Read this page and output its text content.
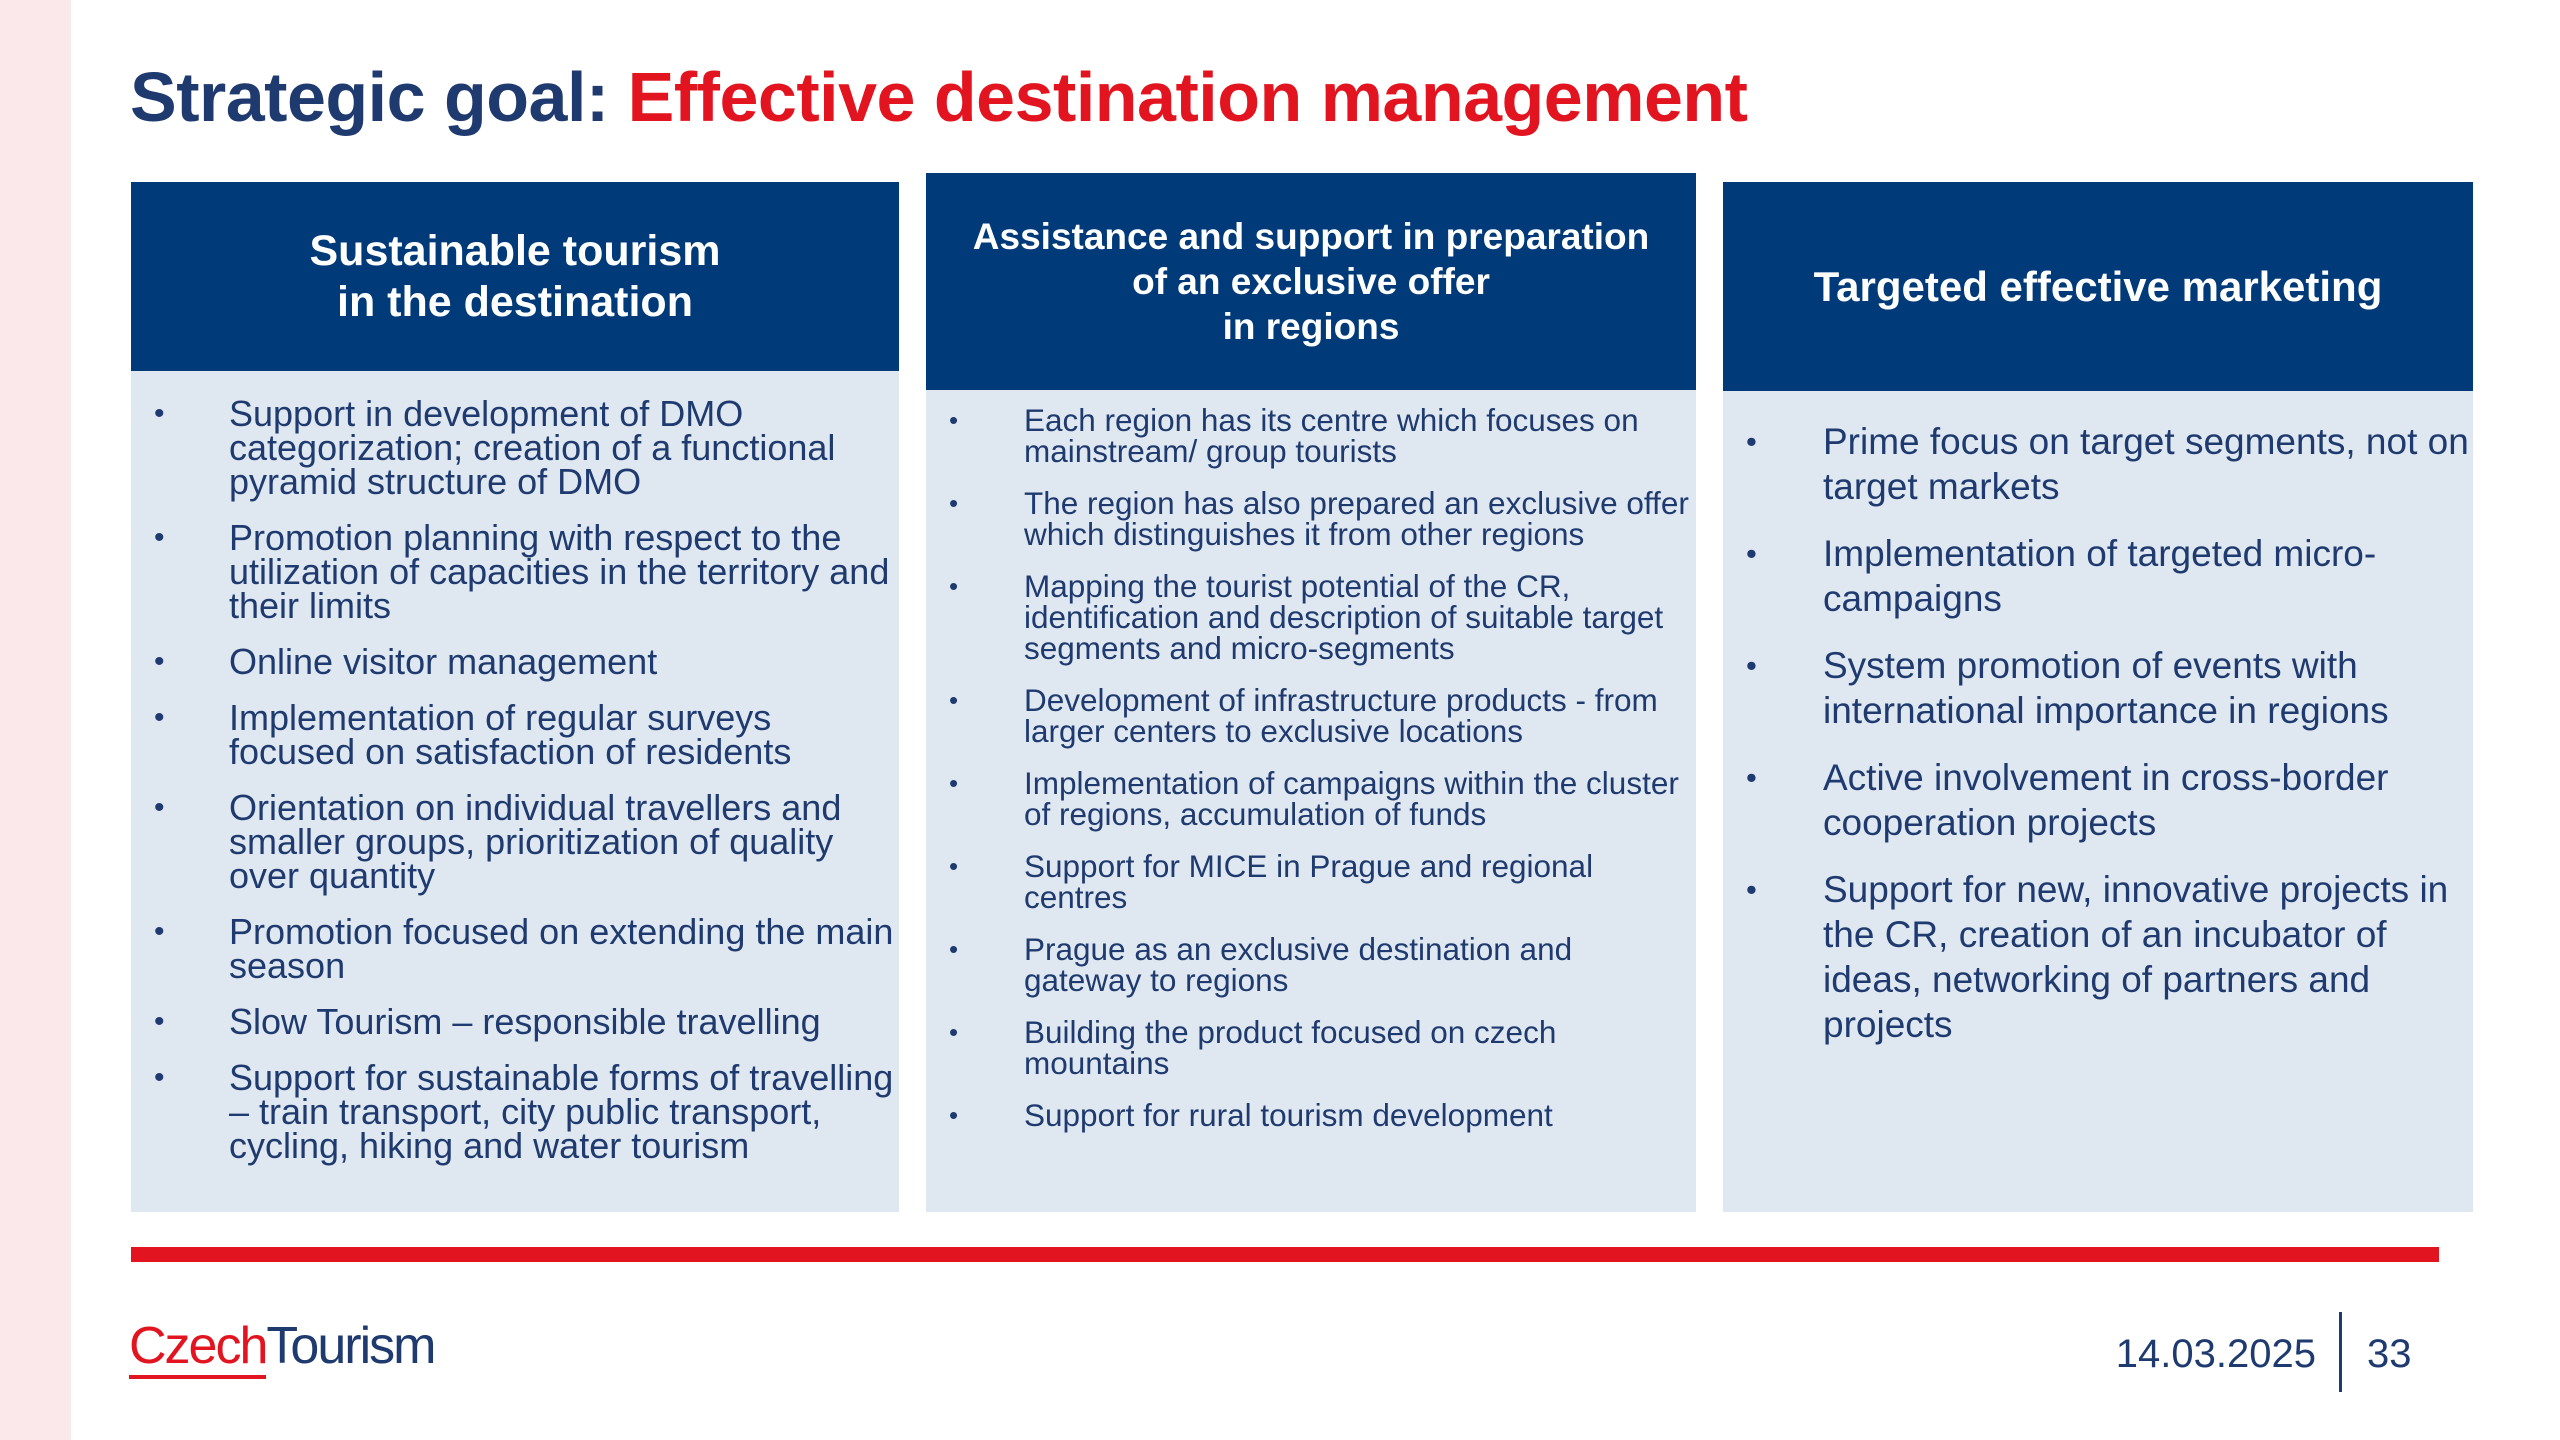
Strategic goal: Effective destination management
Sustainable tourism
in the destination
• Support in development of DMO categorization; creation of a functional pyramid structure of DMO
• Promotion planning with respect to the utilization of capacities in the territory and their limits
• Online visitor management
• Implementation of regular surveys focused on satisfaction of residents
• Orientation on individual travellers and smaller groups, prioritization of quality over quantity
• Promotion focused on extending the main season
• Slow Tourism – responsible travelling
• Support for sustainable forms of travelling – train transport, city public transport, cycling, hiking and water tourism
Assistance and support in preparation
of an exclusive offer
in regions
• Each region has its centre which focuses on mainstream/ group tourists
• The region has also prepared an exclusive offer which distinguishes it from other regions
• Mapping the tourist potential of the CR, identification and description of suitable target segments and micro-segments
• Development of infrastructure products - from larger centers to exclusive locations
• Implementation of campaigns within the cluster of regions, accumulation of funds
• Support for MICE in Prague and regional centres
• Prague as an exclusive destination and gateway to regions
• Building the product focused on czech mountains
• Support for rural tourism development
Targeted effective marketing
• Prime focus on target segments, not on target markets
• Implementation of targeted micro-campaigns
• System promotion of events with international importance in regions
• Active involvement in cross-border cooperation projects
• Support for new, innovative projects in the CR, creation of an incubator of ideas, networking of partners and projects
CzechTourism	14.03.2025 33
